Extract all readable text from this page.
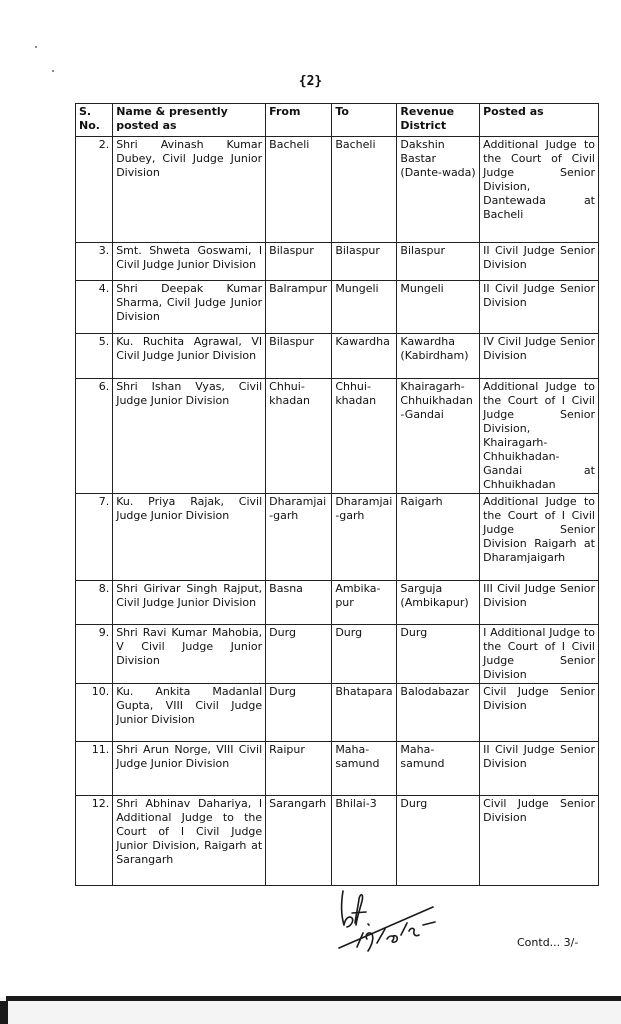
{2}
S. No.	Name & presently posted as	From	To	Revenue District	Posted as
2.	Shri Avinash Kumar Dubey, Civil Judge Junior Division	Bacheli	Bacheli	Dakshin Bastar (Dante-wada)	Additional Judge to the Court of Civil Judge Senior Division, Dantewada at Bacheli
3.	Smt. Shweta Goswami, I Civil Judge Junior Division	Bilaspur	Bilaspur	Bilaspur	II Civil Judge Senior Division
4.	Shri Deepak Kumar Sharma, Civil Judge Junior Division	Balrampur	Mungeli	Mungeli	II Civil Judge Senior Division
5.	Ku. Ruchita Agrawal, VI Civil Judge Junior Division	Bilaspur	Kawardha	Kawardha (Kabirdham)	IV Civil Judge Senior Division
6.	Shri Ishan Vyas, Civil Judge Junior Division	Chhui-khadan	Chhui-khadan	Khairagarh-Chhuikhadan-Gandai	Additional Judge to the Court of I Civil Judge Senior Division, Khairagarh-Chhuikhadan-Gandai at Chhuikhadan
7.	Ku. Priya Rajak, Civil Judge Junior Division	Dharamjai-garh	Dharamjai-garh	Raigarh	Additional Judge to the Court of I Civil Judge Senior Division Raigarh at Dharamjaigarh
8.	Shri Girivar Singh Rajput, Civil Judge Junior Division	Basna	Ambika-pur	Sarguja (Ambikapur)	III Civil Judge Senior Division
9.	Shri Ravi Kumar Mahobia, V Civil Judge Junior Division	Durg	Durg	Durg	I Additional Judge to the Court of I Civil Judge Senior Division
10.	Ku. Ankita Madanlal Gupta, VIII Civil Judge Junior Division	Durg	Bhatapara	Balodabazar	Civil Judge Senior Division
11.	Shri Arun Norge, VIII Civil Judge Junior Division	Raipur	Maha-samund	Maha-samund	II Civil Judge Senior Division
12.	Shri Abhinav Dahariya, I Additional Judge to the Court of I Civil Judge Junior Division, Raigarh at Sarangarh	Sarangarh	Bhilai-3	Durg	Civil Judge Senior Division
Contd... 3/-
